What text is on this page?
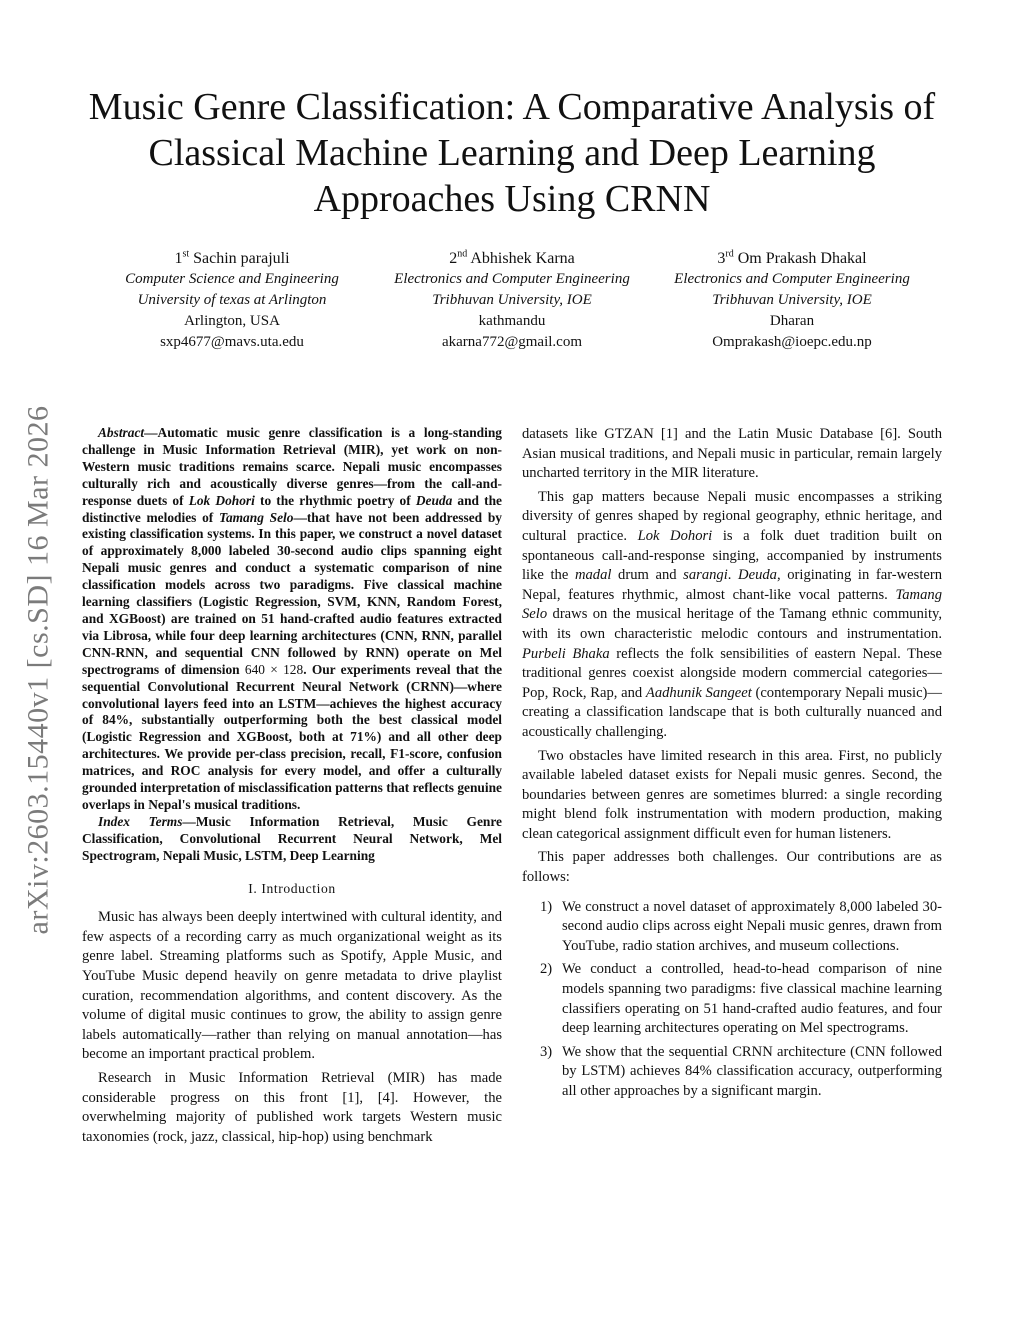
arXiv:2603.15440v1 [cs.SD] 16 Mar 2026
Music Genre Classification: A Comparative Analysis of Classical Machine Learning and Deep Learning Approaches Using CRNN
1st Sachin parajuli
Computer Science and Engineering
University of texas at Arlington
Arlington, USA
sxp4677@mavs.uta.edu
2nd Abhishek Karna
Electronics and Computer Engineering
Tribhuvan University, IOE
kathmandu
akarna772@gmail.com
3rd Om Prakash Dhakal
Electronics and Computer Engineering
Tribhuvan University, IOE
Dharan
Omprakash@ioepc.edu.np

Abstract—Automatic music genre classification is a long-standing challenge in Music Information Retrieval (MIR), yet work on non-Western music traditions remains scarce. Nepali music encompasses culturally rich and acoustically diverse genres—from the call-and-response duets of Lok Dohori to the rhythmic poetry of Deuda and the distinctive melodies of Tamang Selo—that have not been addressed by existing classification systems. In this paper, we construct a novel dataset of approximately 8,000 labeled 30-second audio clips spanning eight Nepali music genres and conduct a systematic comparison of nine classification models across two paradigms. Five classical machine learning classifiers (Logistic Regression, SVM, KNN, Random Forest, and XGBoost) are trained on 51 hand-crafted audio features extracted via Librosa, while four deep learning architectures (CNN, RNN, parallel CNN-RNN, and sequential CNN followed by RNN) operate on Mel spectrograms of dimension 640 × 128. Our experiments reveal that the sequential Convolutional Recurrent Neural Network (CRNN)—where convolutional layers feed into an LSTM—achieves the highest accuracy of 84%, substantially outperforming both the best classical model (Logistic Regression and XGBoost, both at 71%) and all other deep architectures. We provide per-class precision, recall, F1-score, confusion matrices, and ROC analysis for every model, and offer a culturally grounded interpretation of misclassification patterns that reflects genuine overlaps in Nepal's musical traditions.

Index Terms—Music Information Retrieval, Music Genre Classification, Convolutional Recurrent Neural Network, Mel Spectrogram, Nepali Music, LSTM, Deep Learning

I. Introduction

Music has always been deeply intertwined with cultural identity, and few aspects of a recording carry as much organizational weight as its genre label. Streaming platforms such as Spotify, Apple Music, and YouTube Music depend heavily on genre metadata to drive playlist curation, recommendation algorithms, and content discovery. As the volume of digital music continues to grow, the ability to assign genre labels automatically—rather than relying on manual annotation—has become an important practical problem.

Research in Music Information Retrieval (MIR) has made considerable progress on this front [1], [4]. However, the overwhelming majority of published work targets Western music taxonomies (rock, jazz, classical, hip-hop) using benchmark

datasets like GTZAN [1] and the Latin Music Database [6]. South Asian musical traditions, and Nepali music in particular, remain largely uncharted territory in the MIR literature.

This gap matters because Nepali music encompasses a striking diversity of genres shaped by regional geography, ethnic heritage, and cultural practice. Lok Dohori is a folk duet tradition built on spontaneous call-and-response singing, accompanied by instruments like the madal drum and sarangi. Deuda, originating in far-western Nepal, features rhythmic, almost chant-like vocal patterns. Tamang Selo draws on the musical heritage of the Tamang ethnic community, with its own characteristic melodic contours and instrumentation. Purbeli Bhaka reflects the folk sensibilities of eastern Nepal. These traditional genres coexist alongside modern commercial categories—Pop, Rock, Rap, and Aadhunik Sangeet (contemporary Nepali music)—creating a classification landscape that is both culturally nuanced and acoustically challenging.

Two obstacles have limited research in this area. First, no publicly available labeled dataset exists for Nepali music genres. Second, the boundaries between genres are sometimes blurred: a single recording might blend folk instrumentation with modern production, making clean categorical assignment difficult even for human listeners.

This paper addresses both challenges. Our contributions are as follows:

1) We construct a novel dataset of approximately 8,000 labeled 30-second audio clips across eight Nepali music genres, drawn from YouTube, radio station archives, and museum collections.
2) We conduct a controlled, head-to-head comparison of nine models spanning two paradigms: five classical machine learning classifiers operating on 51 hand-crafted audio features, and four deep learning architectures operating on Mel spectrograms.
3) We show that the sequential CRNN architecture (CNN followed by LSTM) achieves 84% classification accuracy, outperforming all other approaches by a significant margin.
